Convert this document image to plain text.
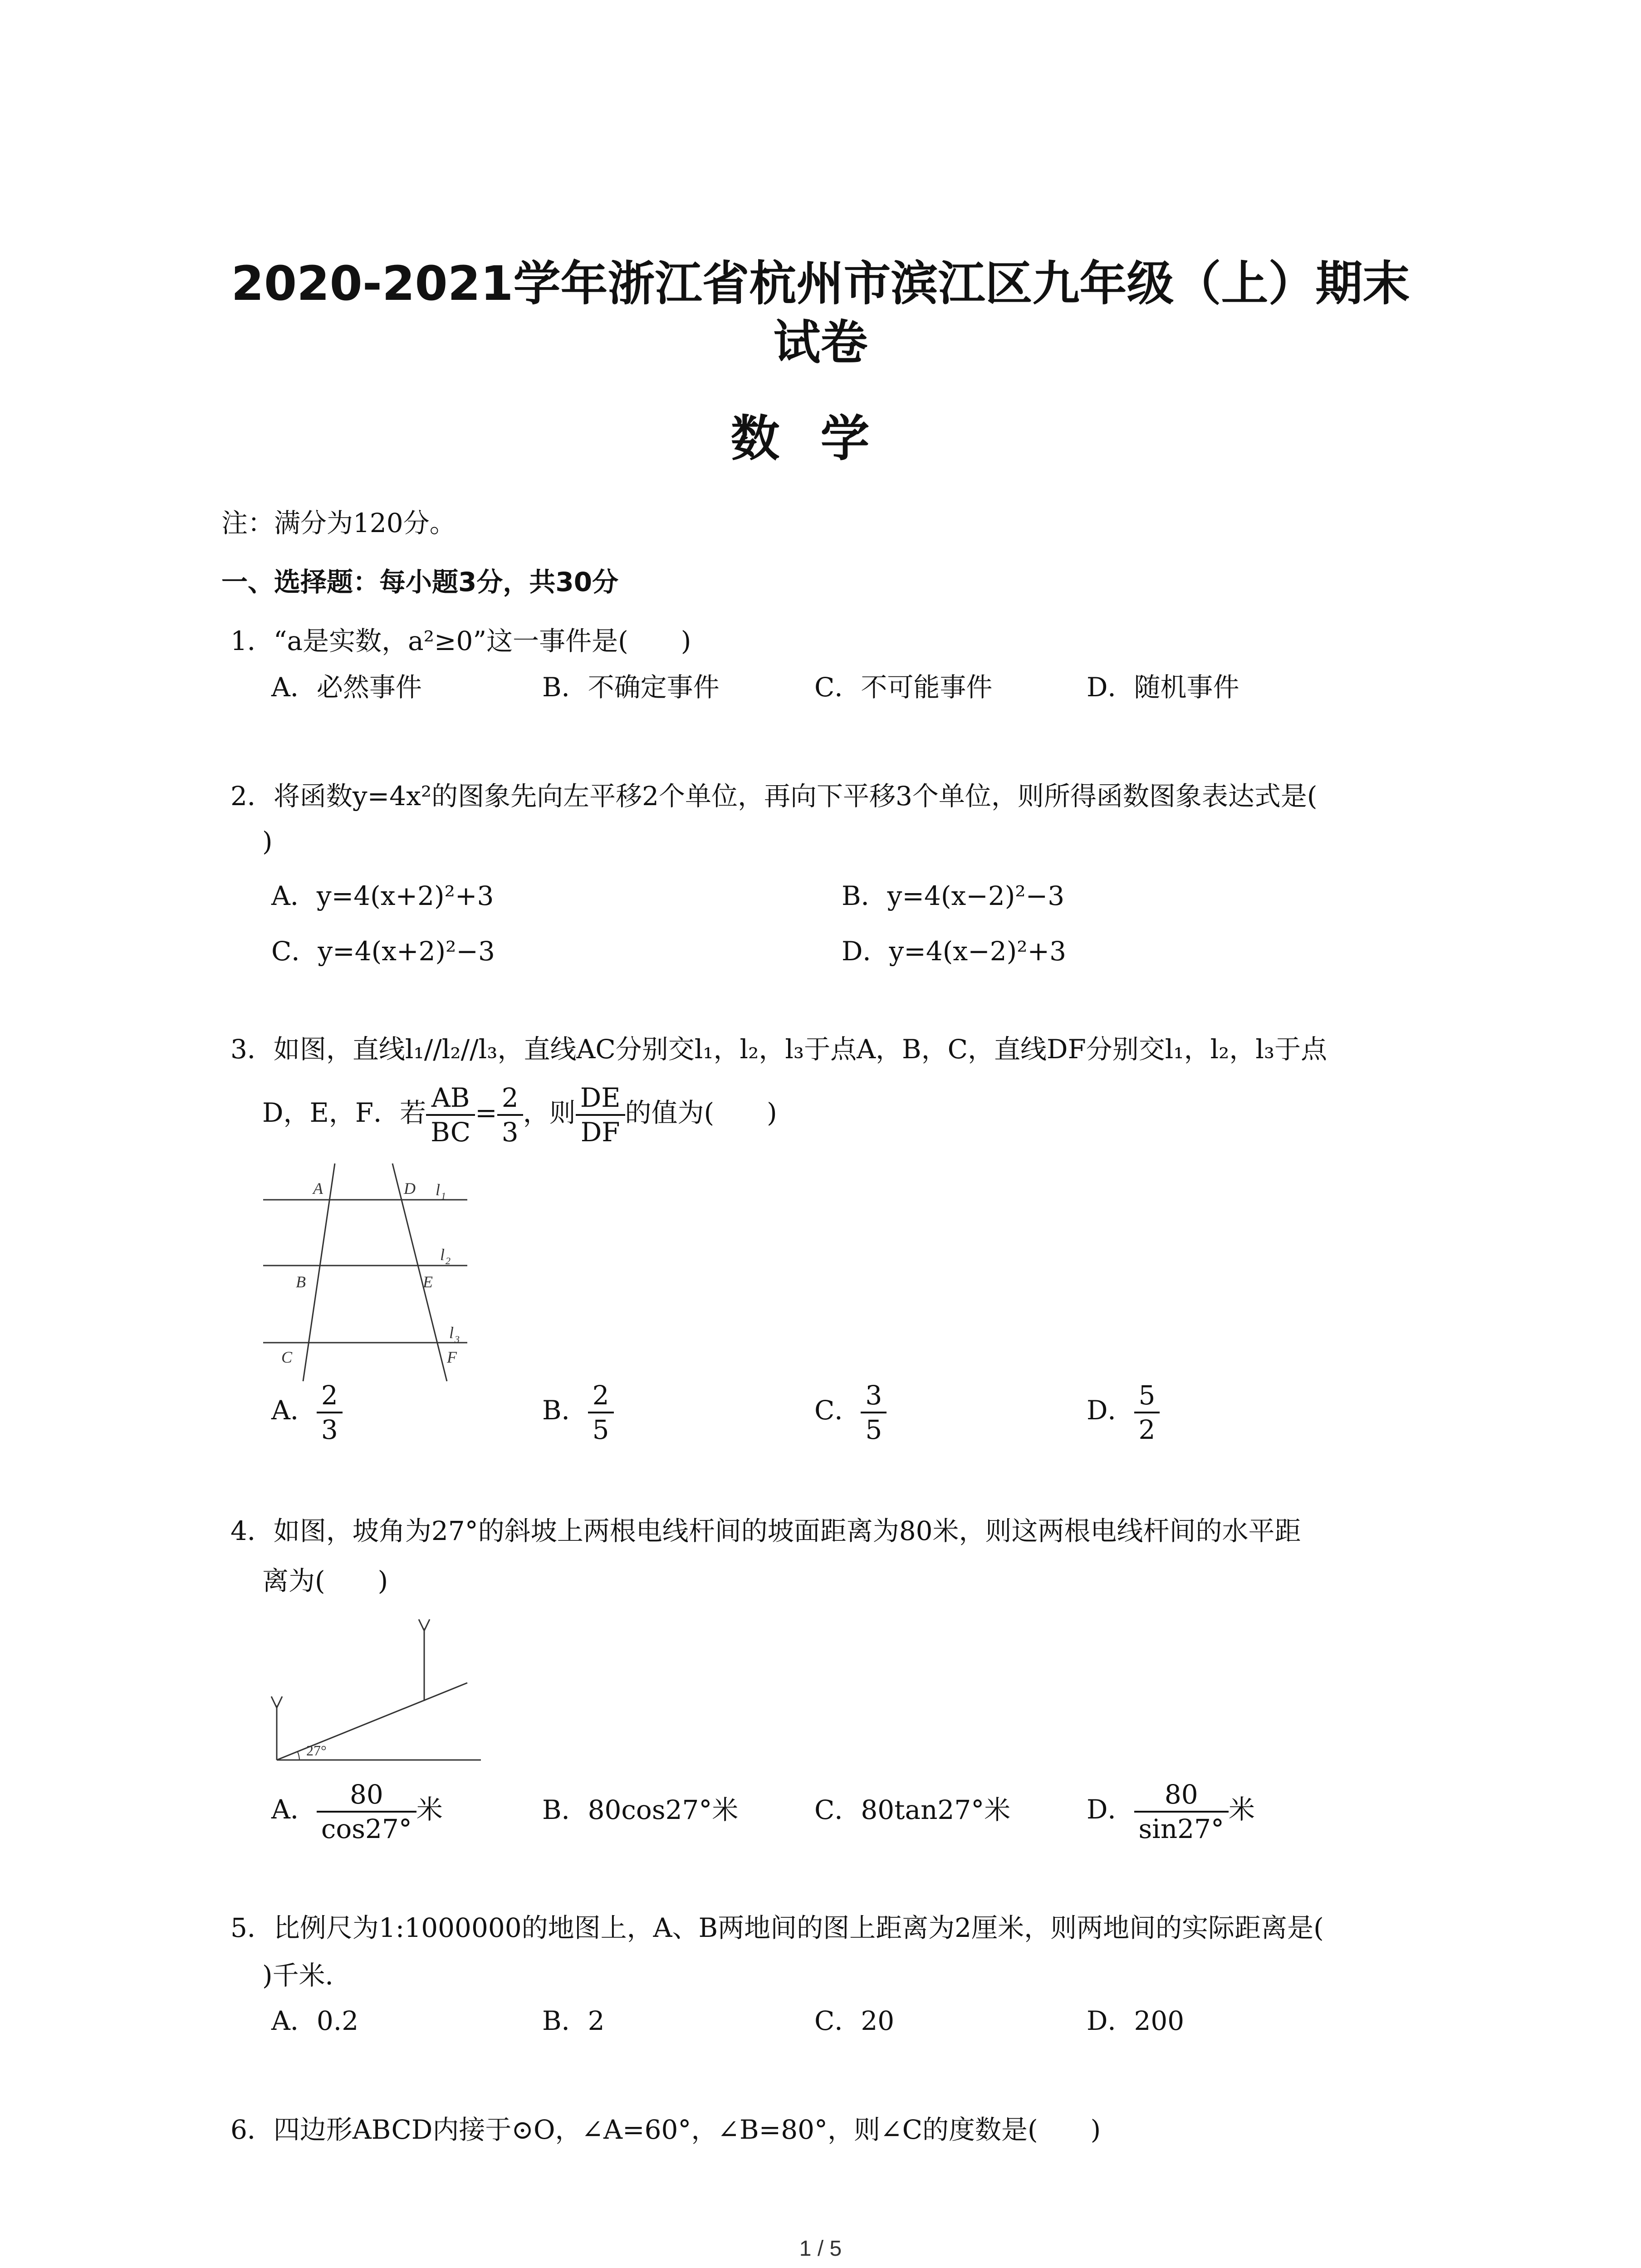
2020-2021学年浙江省杭州市滨江区九年级（上）期末
试卷
数学
注：满分为120分。
一、选择题：每小题3分，共30分
1．“a是实数，a²≥0”这一事件是(　　)
A．必然事件	B．不确定事件	C．不可能事件	D．随机事件
2．将函数y=4x²的图象先向左平移2个单位，再向下平移3个单位，则所得函数图象表达式是(
)
A．y=4(x+2)²+3	B．y=4(x−2)²−3
C．y=4(x+2)²−3	D．y=4(x−2)²+3
3．如图，直线l₁//l₂//l₃，直线AC分别交l₁，l₂，l₃于点A，B，C，直线DF分别交l₁，l₂，l₃于点
D，E，F．若 $\frac{AB}{BC} = \frac{2}{3}$ ，则 $\frac{DE}{DF}$ 的值为(　　)
A	D l 1
l 2
B	E
l 3
C	F
A． $\frac{2}{3}$	B． $\frac{2}{5}$	C． $\frac{3}{5}$	D． $\frac{5}{2}$
4．如图，坡角为27°的斜坡上两根电线杆间的坡面距离为80米，则这两根电线杆间的水平距
离为(　　)
27°
A． $\frac{80}{\cos 27^\circ}$ 米	B．80cos27°米	C．80tan27°米	D． $\frac{80}{\sin 27^\circ}$ 米
5．比例尺为1:1000000的地图上，A、B两地间的图上距离为2厘米，则两地间的实际距离是(
)千米．
A．0.2	B．2	C．20	D．200
6．四边形ABCD内接于⊙O，∠A=60°，∠B=80°，则∠C的度数是(　　)
1 / 5
